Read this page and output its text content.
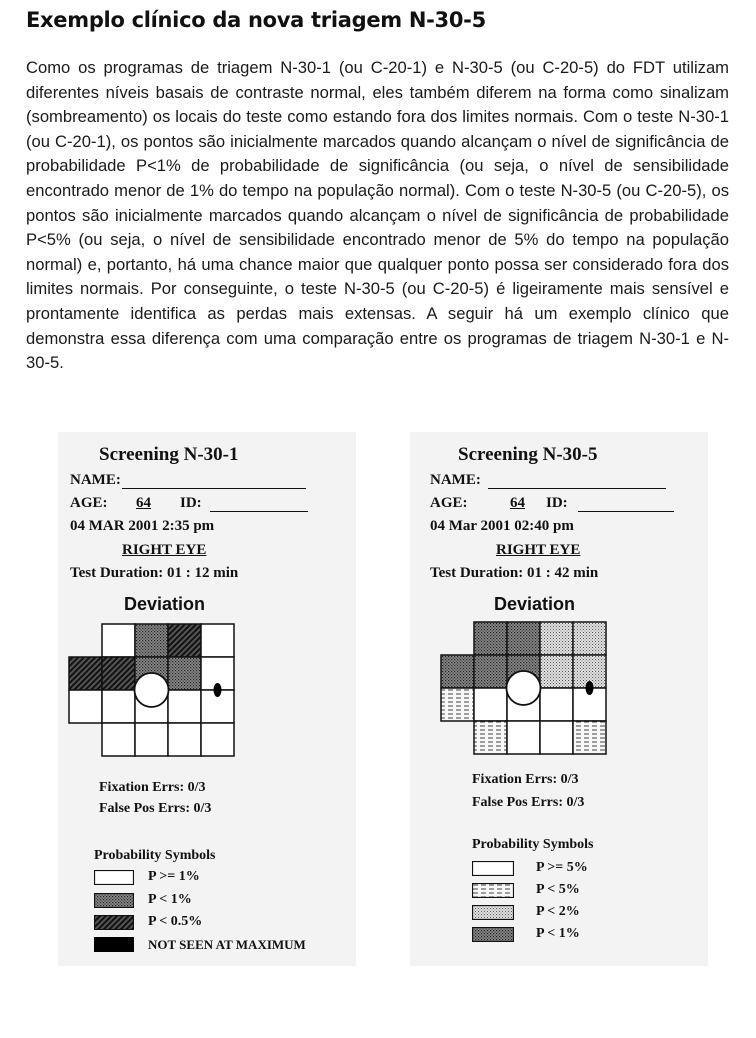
Exemplo clínico da nova triagem N-30-5
Como os programas de triagem N-30-1 (ou C-20-1) e N-30-5 (ou C-20-5) do FDT utilizam diferentes níveis basais de contraste normal, eles também diferem na forma como sinalizam (sombreamento) os locais do teste como estando fora dos limites normais. Com o teste N-30-1 (ou C-20-1), os pontos são inicialmente marcados quando alcançam o nível de significância de probabilidade P<1% de probabilidade de significância (ou seja, o nível de sensibilidade encontrado menor de 1% do tempo na população normal). Com o teste N-30-5 (ou C-20-5), os pontos são inicialmente marcados quando alcançam o nível de significância de probabilidade P<5% (ou seja, o nível de sensibilidade encontrado menor de 5% do tempo na população normal) e, portanto, há uma chance maior que qualquer ponto possa ser considerado fora dos limites normais. Por conseguinte, o teste N-30-5 (ou C-20-5) é ligeiramente mais sensível e prontamente identifica as perdas mais extensas. A seguir há um exemplo clínico que demonstra essa diferença com uma comparação entre os programas de triagem N-30-1 e N-30-5.
Screening N-30-1
NAME:
AGE: 64 ID:
04 MAR 2001 2:35 pm
RIGHT EYE
Test Duration: 01 : 12 min
Deviation
Fixation Errs: 0/3
False Pos Errs: 0/3
Probability Symbols
P >= 1%
P < 1%
P < 0.5%
NOT SEEN AT MAXIMUM
Screening N-30-5
NAME:
AGE:	64 ID:
04 Mar 2001 02:40 pm
RIGHT EYE
Test Duration: 01 : 42 min
Deviation
Fixation Errs: 0/3
False Pos Errs: 0/3
Probability Symbols
P >= 5%
P < 5%
P < 2%
P < 1%
